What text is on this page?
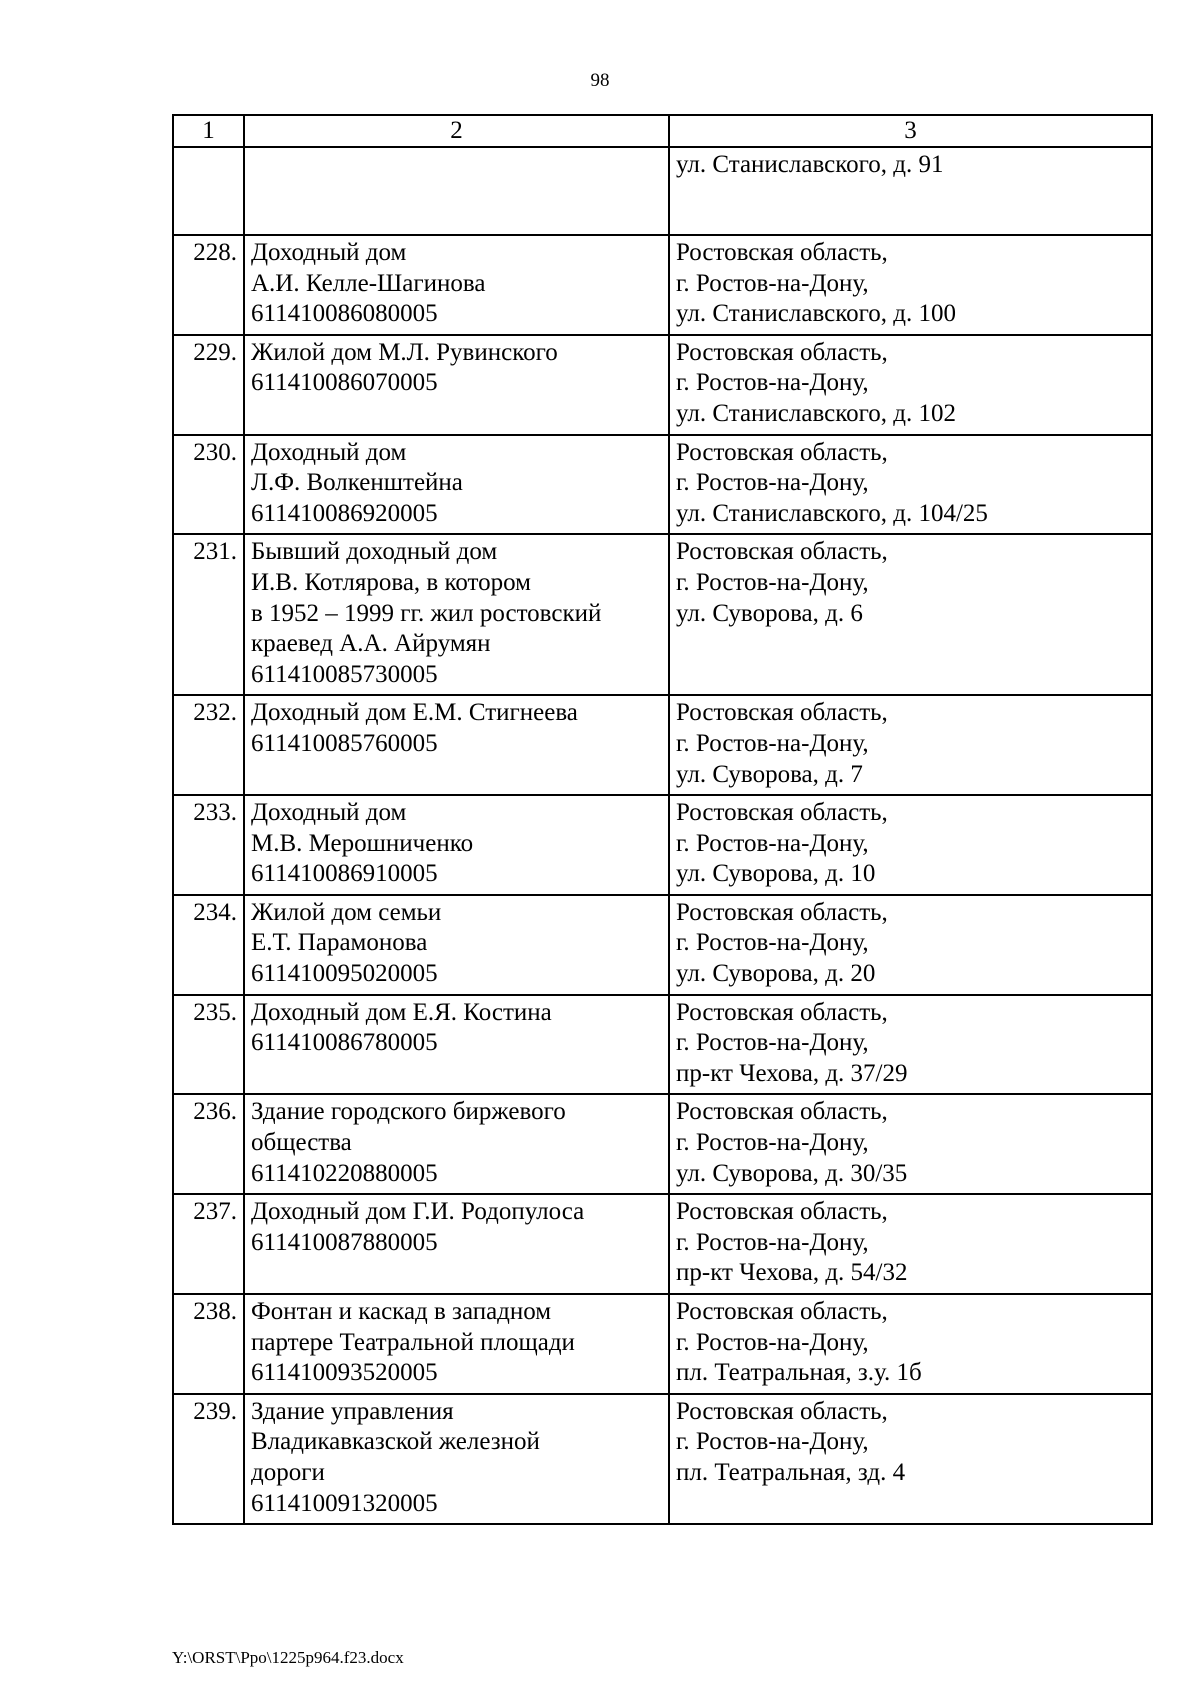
98
1	2	3

		ул. Станиславского, д. 91

228.	Доходный дом
А.И. Келле-Шагинова
611410086080005	Ростовская область,
г. Ростов-на-Дону,
ул. Станиславского, д. 100

229.	Жилой дом М.Л. Рувинского
611410086070005	Ростовская область,
г. Ростов-на-Дону,
ул. Станиславского, д. 102

230.	Доходный дом
Л.Ф. Волкенштейна
611410086920005	Ростовская область,
г. Ростов-на-Дону,
ул. Станиславского, д. 104/25

231.	Бывший доходный дом
И.В. Котлярова, в котором
в 1952 – 1999 гг. жил ростовский
краевед А.А. Айрумян
611410085730005	Ростовская область,
г. Ростов-на-Дону,
ул. Суворова, д. 6

232.	Доходный дом Е.М. Стигнеева
611410085760005	Ростовская область,
г. Ростов-на-Дону,
ул. Суворова, д. 7

233.	Доходный дом
М.В. Мерошниченко
611410086910005	Ростовская область,
г. Ростов-на-Дону,
ул. Суворова, д. 10

234.	Жилой дом семьи
Е.Т. Парамонова
611410095020005	Ростовская область,
г. Ростов-на-Дону,
ул. Суворова, д. 20

235.	Доходный дом Е.Я. Костина
611410086780005	Ростовская область,
г. Ростов-на-Дону,
пр-кт Чехова, д. 37/29

236.	Здание городского биржевого
общества
611410220880005	Ростовская область,
г. Ростов-на-Дону,
ул. Суворова, д. 30/35

237.	Доходный дом Г.И. Родопулоса
611410087880005	Ростовская область,
г. Ростов-на-Дону,
пр-кт Чехова, д. 54/32

238.	Фонтан и каскад в западном
партере Театральной площади
611410093520005	Ростовская область,
г. Ростов-на-Дону,
пл. Театральная, з.у. 1б

239.	Здание управления
Владикавказской железной
дороги
611410091320005	Ростовская область,
г. Ростов-на-Дону,
пл. Театральная, зд. 4
Y:\ORST\Ppo\1225p964.f23.docx
